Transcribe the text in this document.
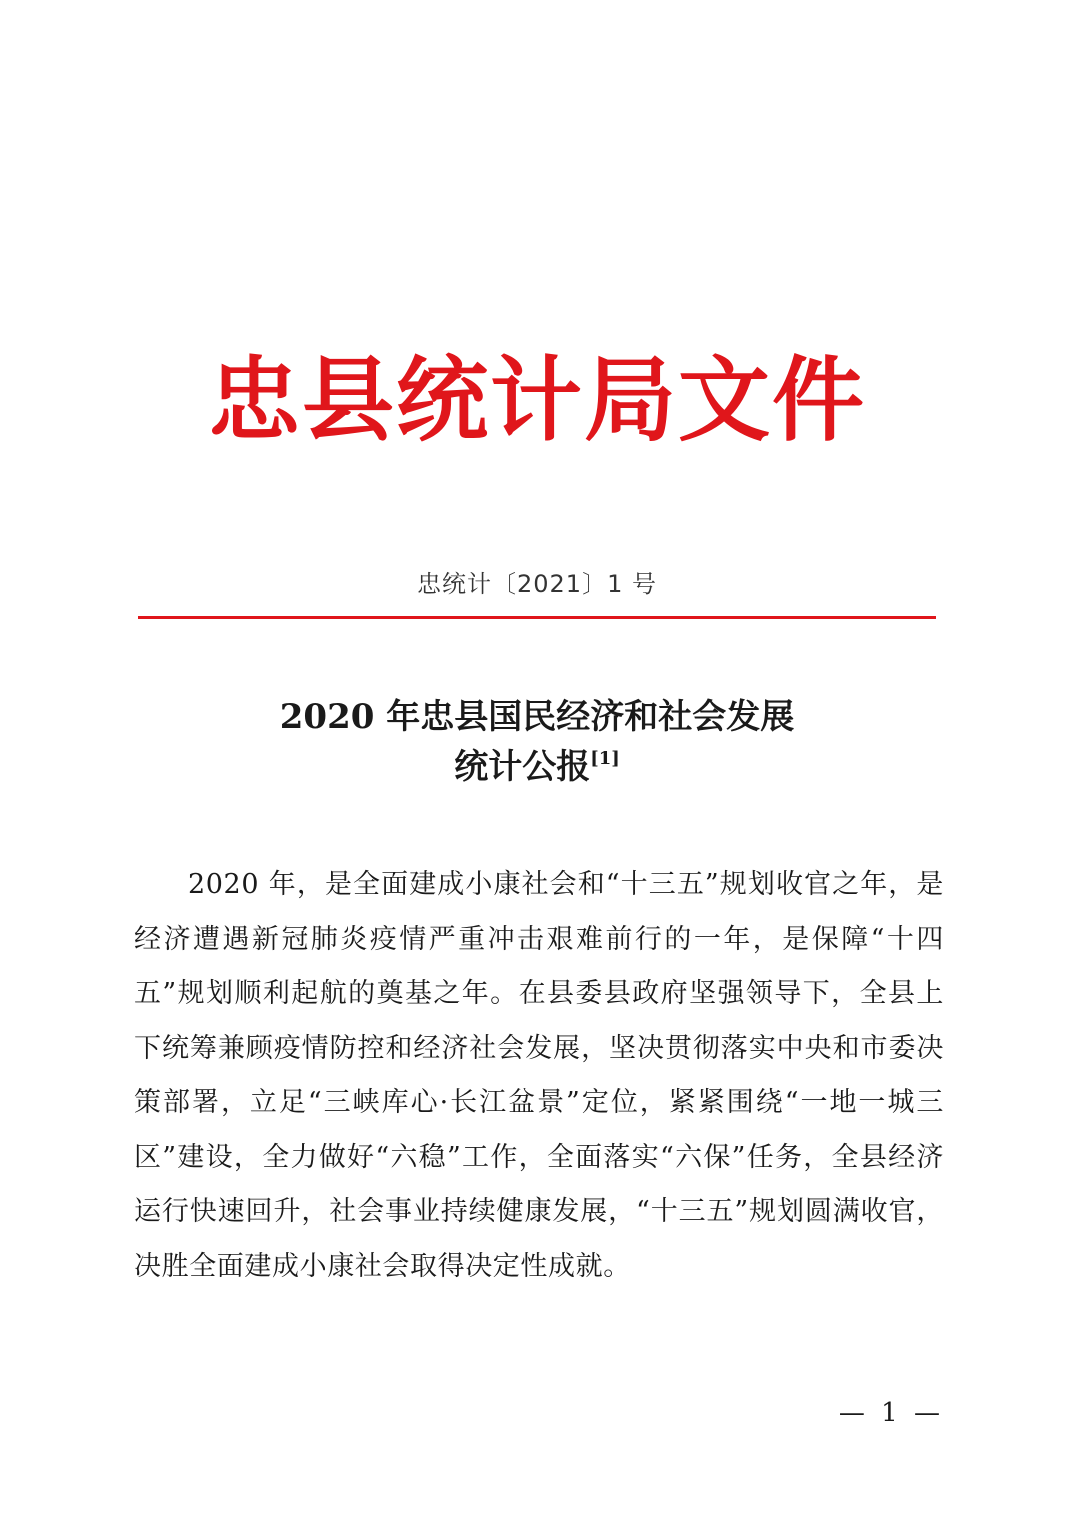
忠县统计局文件
忠统计〔2021〕1 号
2020 年忠县国民经济和社会发展
统计公报[1]

2020 年，是全面建成小康社会和“十三五”规划收官之年，是经济遭遇新冠肺炎疫情严重冲击艰难前行的一年，是保障“十四五”规划顺利起航的奠基之年。在县委县政府坚强领导下，全县上下统筹兼顾疫情防控和经济社会发展，坚决贯彻落实中央和市委决策部署，立足“三峡库心·长江盆景”定位，紧紧围绕“一地一城三区”建设，全力做好“六稳”工作，全面落实“六保”任务，全县经济运行快速回升，社会事业持续健康发展，“十三五”规划圆满收官，决胜全面建成小康社会取得决定性成就。

— 1 —
